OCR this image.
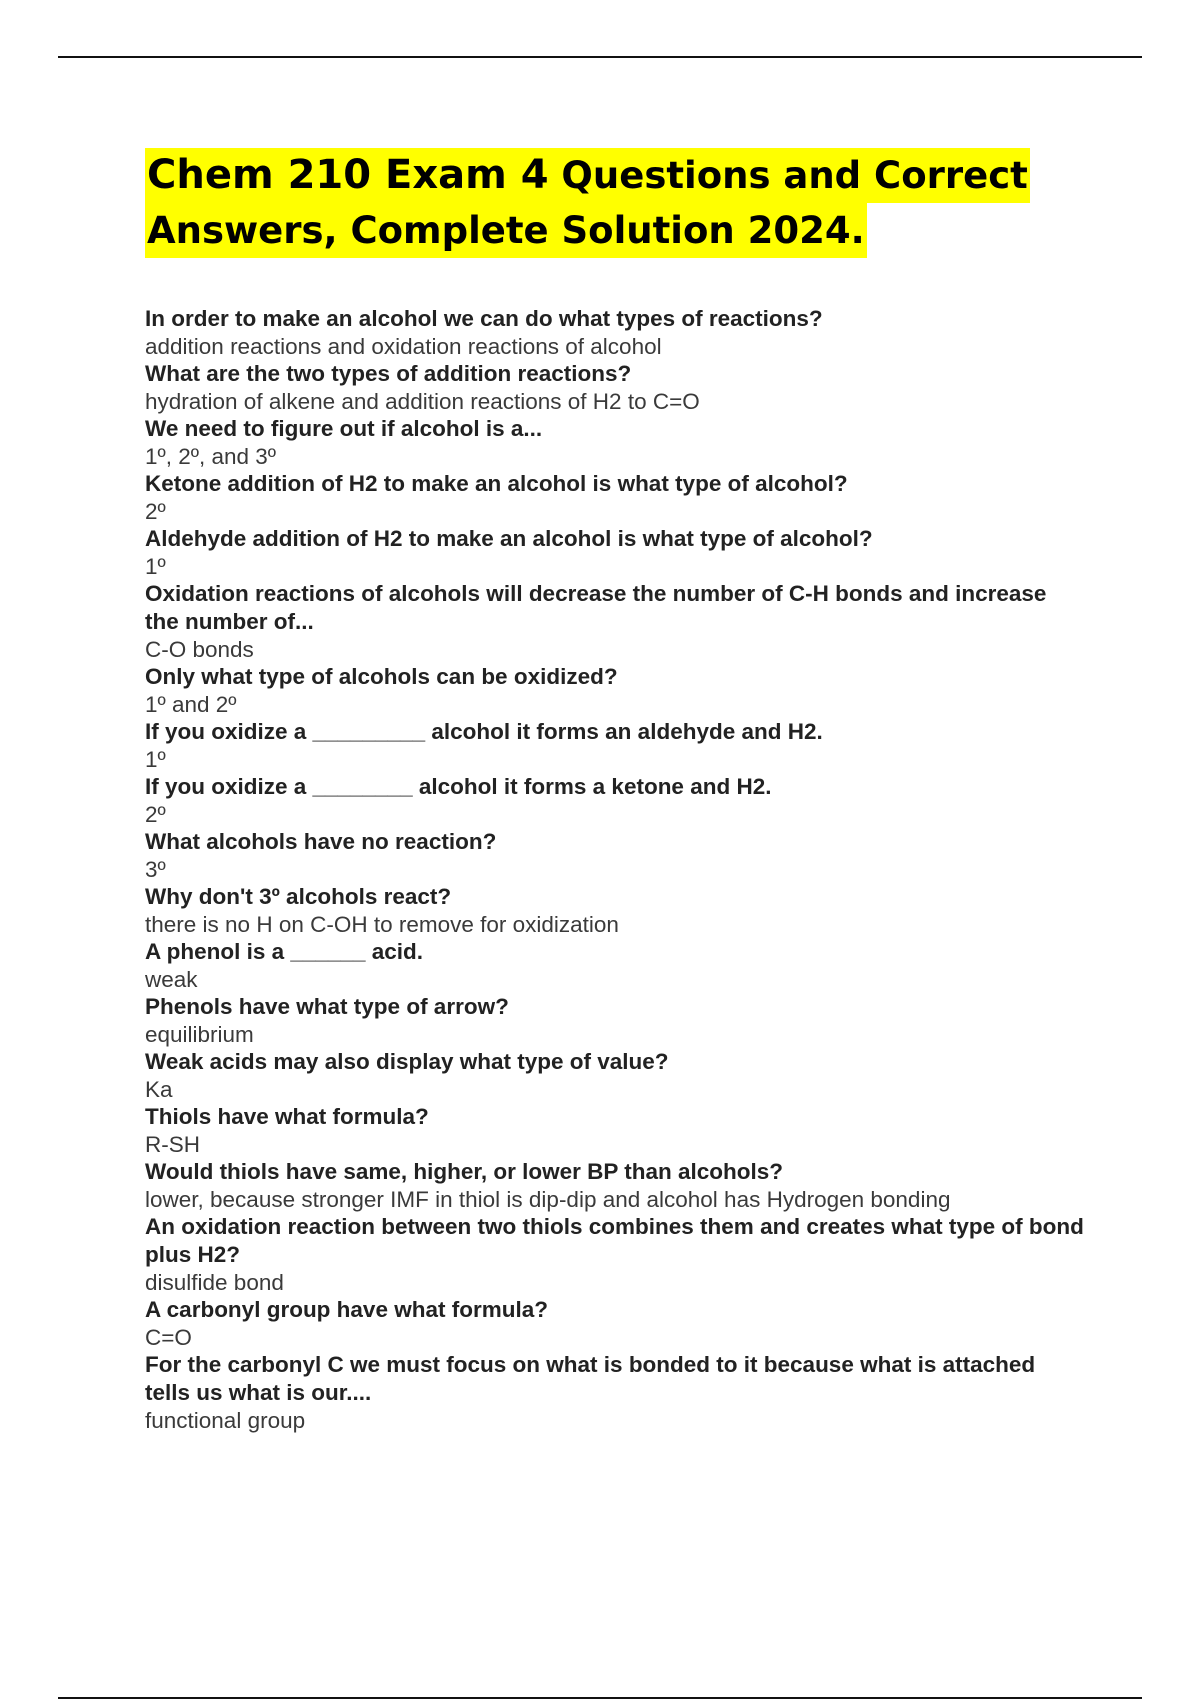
Chem 210 Exam 4 Questions and Correct
Answers, Complete Solution 2024.
In order to make an alcohol we can do what types of reactions?
addition reactions and oxidation reactions of alcohol
What are the two types of addition reactions?
hydration of alkene and addition reactions of H2 to C=O
We need to figure out if alcohol is a...
1º, 2º, and 3º
Ketone addition of H2 to make an alcohol is what type of alcohol?
2º
Aldehyde addition of H2 to make an alcohol is what type of alcohol?
1º
Oxidation reactions of alcohols will decrease the number of C-H bonds and increase the number of...
C-O bonds
Only what type of alcohols can be oxidized?
1º and 2º
If you oxidize a _________ alcohol it forms an aldehyde and H2.
1º
If you oxidize a ________ alcohol it forms a ketone and H2.
2º
What alcohols have no reaction?
3º
Why don't 3º alcohols react?
there is no H on C-OH to remove for oxidization
A phenol is a ______ acid.
weak
Phenols have what type of arrow?
equilibrium
Weak acids may also display what type of value?
Ka
Thiols have what formula?
R-SH
Would thiols have same, higher, or lower BP than alcohols?
lower, because stronger IMF in thiol is dip-dip and alcohol has Hydrogen bonding
An oxidation reaction between two thiols combines them and creates what type of bond plus H2?
disulfide bond
A carbonyl group have what formula?
C=O
For the carbonyl C we must focus on what is bonded to it because what is attached tells us what is our....
functional group
